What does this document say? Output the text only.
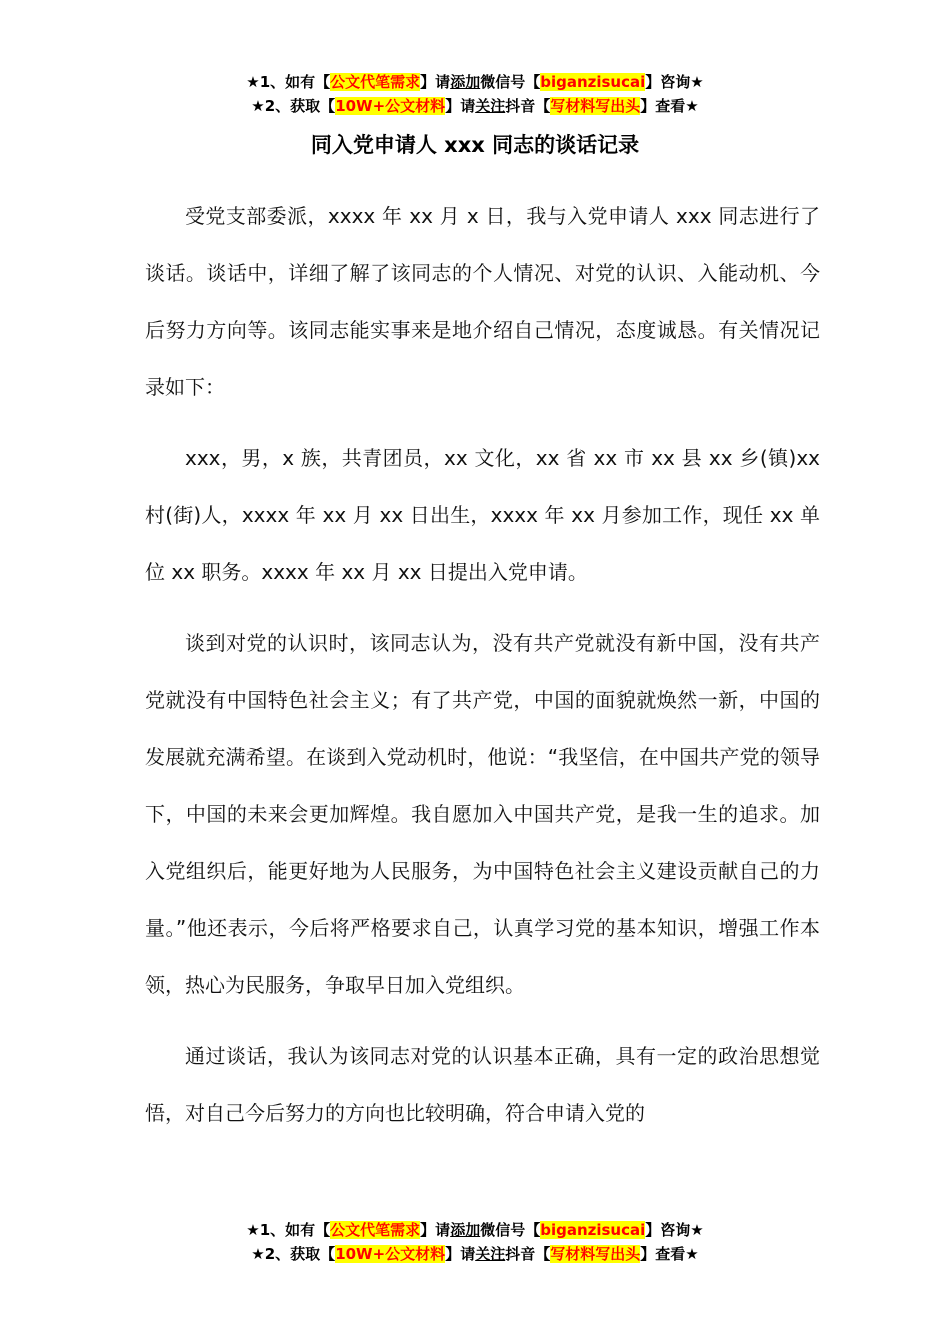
★1、如有【公文代笔需求】请添加微信号【biganzisucai】咨询★
★2、获取【10W+公文材料】请关注抖音【写材料写出头】查看★
同入党申请人 xxx 同志的谈话记录

受党支部委派，xxxx 年 xx 月 x 日，我与入党申请人 xxx 同志进行了谈话。谈话中，详细了解了该同志的个人情况、对党的认识、入能动机、今后努力方向等。该同志能实事来是地介绍自己情况，态度诚恳。有关情况记录如下：

xxx，男，x 族，共青团员，xx 文化，xx 省 xx 市 xx 县 xx 乡(镇)xx 村(街)人，xxxx 年 xx 月 xx 日出生，xxxx 年 xx 月参加工作，现任 xx 单位 xx 职务。xxxx 年 xx 月 xx 日提出入党申请。

谈到对党的认识时，该同志认为，没有共产党就没有新中国，没有共产党就没有中国特色社会主义；有了共产党，中国的面貌就焕然一新，中国的发展就充满希望。在谈到入党动机时，他说：“我坚信，在中国共产党的领导下，中国的未来会更加辉煌。我自愿加入中国共产党，是我一生的追求。加入党组织后，能更好地为人民服务，为中国特色社会主义建设贡献自己的力量。”他还表示，今后将严格要求自己，认真学习党的基本知识，增强工作本领，热心为民服务，争取早日加入党组织。

通过谈话，我认为该同志对党的认识基本正确，具有一定的政治思想觉悟，对自己今后努力的方向也比较明确，符合申请入党的

★1、如有【公文代笔需求】请添加微信号【biganzisucai】咨询★
★2、获取【10W+公文材料】请关注抖音【写材料写出头】查看★
